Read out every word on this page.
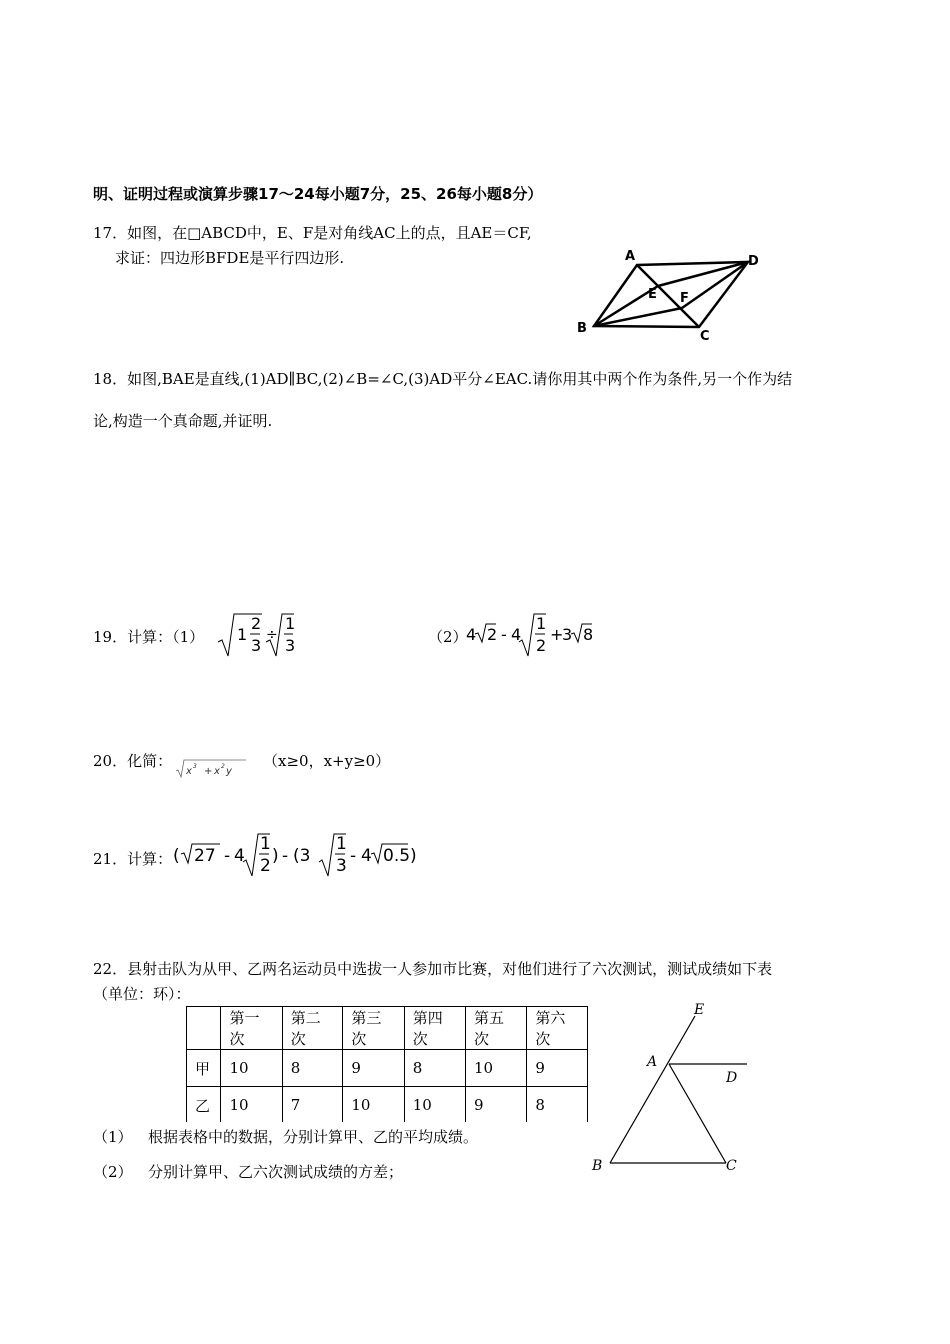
明、证明过程或演算步骤17～24每小题7分，25、26每小题8分）
17．如图，在□ABCD中，E、F是对角线AC上的点，且AE＝CF,
求证：四边形BFDE是平行四边形.	A	D
E F
B
C
18．如图,BAE是直线,(1)AD∥BC,(2)∠B=∠C,(3)AD平分∠EAC.请你用其中两个作为条件,另一个作为结
论,构造一个真命题,并证明.
19．计算：（1） 1
2
3
÷
1
3	（2）
4 2 - 4
1
2
+
3 8
20．化简：
x 3 + x 2 y
（x≥0，x+y≥0）
21．计算： ( 27 - 4
1
2 ) - (3
1
3 - 4 0.5 )
22．县射击队为从甲、乙两名运动员中选拔一人参加市比赛，对他们进行了六次测试，测试成绩如下表
（单位：环）：
	第一次	第二次	第三次	第四次	第五次	第六次
甲	10	8	9	8	10	9
乙	10	7	10	10	9	8
（1） 根据表格中的数据，分别计算甲、乙的平均成绩。
（2） 分别计算甲、乙六次测试成绩的方差；
E
A
D
B	C
